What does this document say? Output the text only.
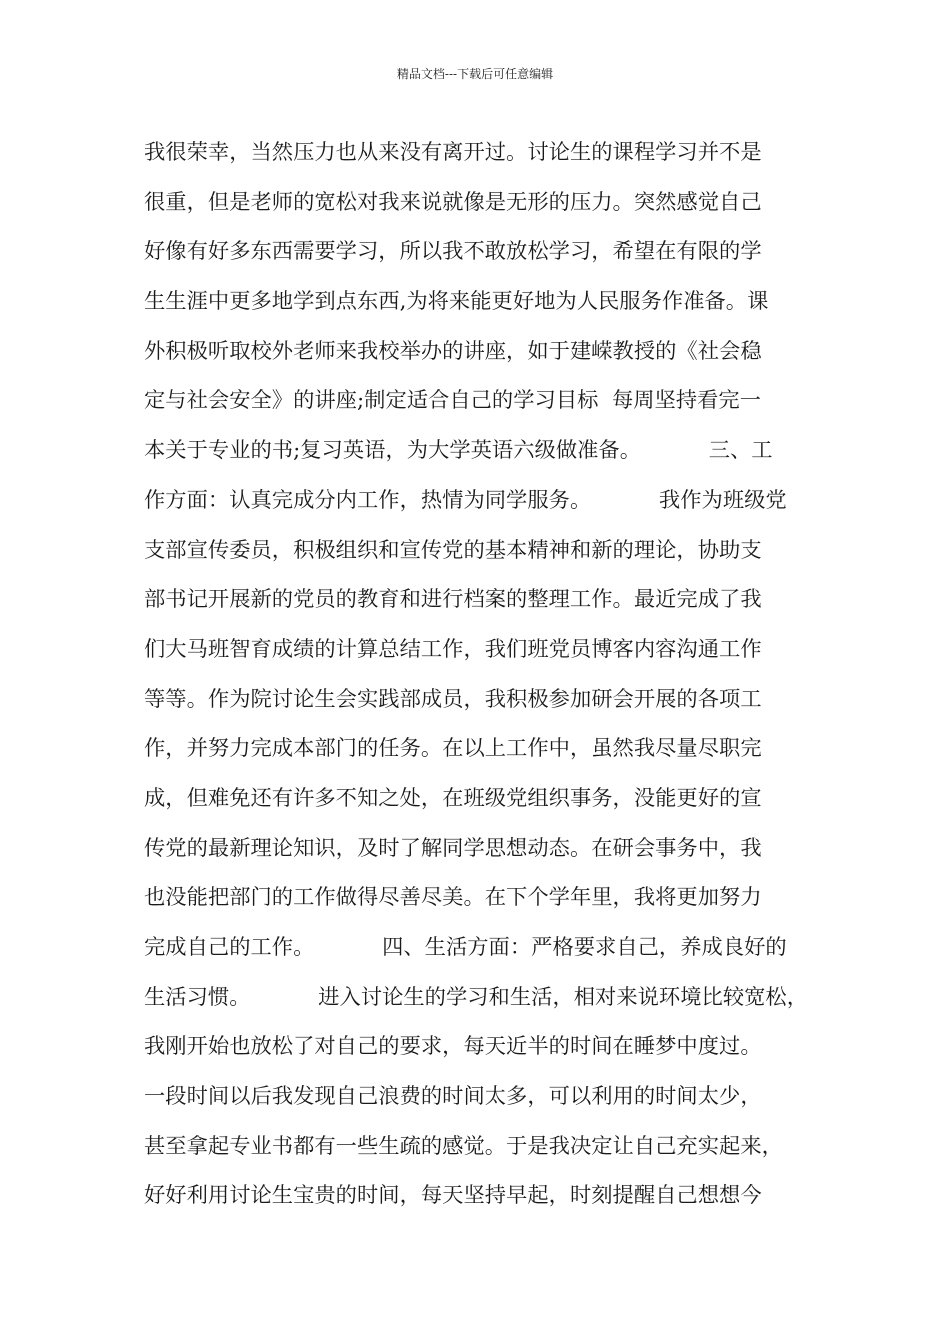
精品文档---下载后可任意编辑
我很荣幸，当然压力也从来没有离开过。讨论生的课程学习并不是
很重，但是老师的宽松对我来说就像是无形的压力。突然感觉自己
好像有好多东西需要学习，所以我不敢放松学习，希望在有限的学
生生涯中更多地学到点东西,为将来能更好地为人民服务作准备。课
外积极听取校外老师来我校举办的讲座，如于建嵘教授的《社会稳
定与社会安全》的讲座;制定适合自己的学习目标  每周坚持看完一
本关于专业的书;复习英语，为大学英语六级做准备。          三、工
作方面：认真完成分内工作，热情为同学服务。          我作为班级党
支部宣传委员，积极组织和宣传党的基本精神和新的理论，协助支
部书记开展新的党员的教育和进行档案的整理工作。最近完成了我
们大马班智育成绩的计算总结工作，我们班党员博客内容沟通工作
等等。作为院讨论生会实践部成员，我积极参加研会开展的各项工
作，并努力完成本部门的任务。在以上工作中，虽然我尽量尽职完
成，但难免还有许多不知之处，在班级党组织事务，没能更好的宣
传党的最新理论知识，及时了解同学思想动态。在研会事务中，我
也没能把部门的工作做得尽善尽美。在下个学年里，我将更加努力
完成自己的工作。          四、生活方面：严格要求自己，养成良好的
生活习惯。          进入讨论生的学习和生活，相对来说环境比较宽松，
我刚开始也放松了对自己的要求，每天近半的时间在睡梦中度过。
一段时间以后我发现自己浪费的时间太多，可以利用的时间太少，
甚至拿起专业书都有一些生疏的感觉。于是我决定让自己充实起来，
好好利用讨论生宝贵的时间，每天坚持早起，时刻提醒自己想想今
